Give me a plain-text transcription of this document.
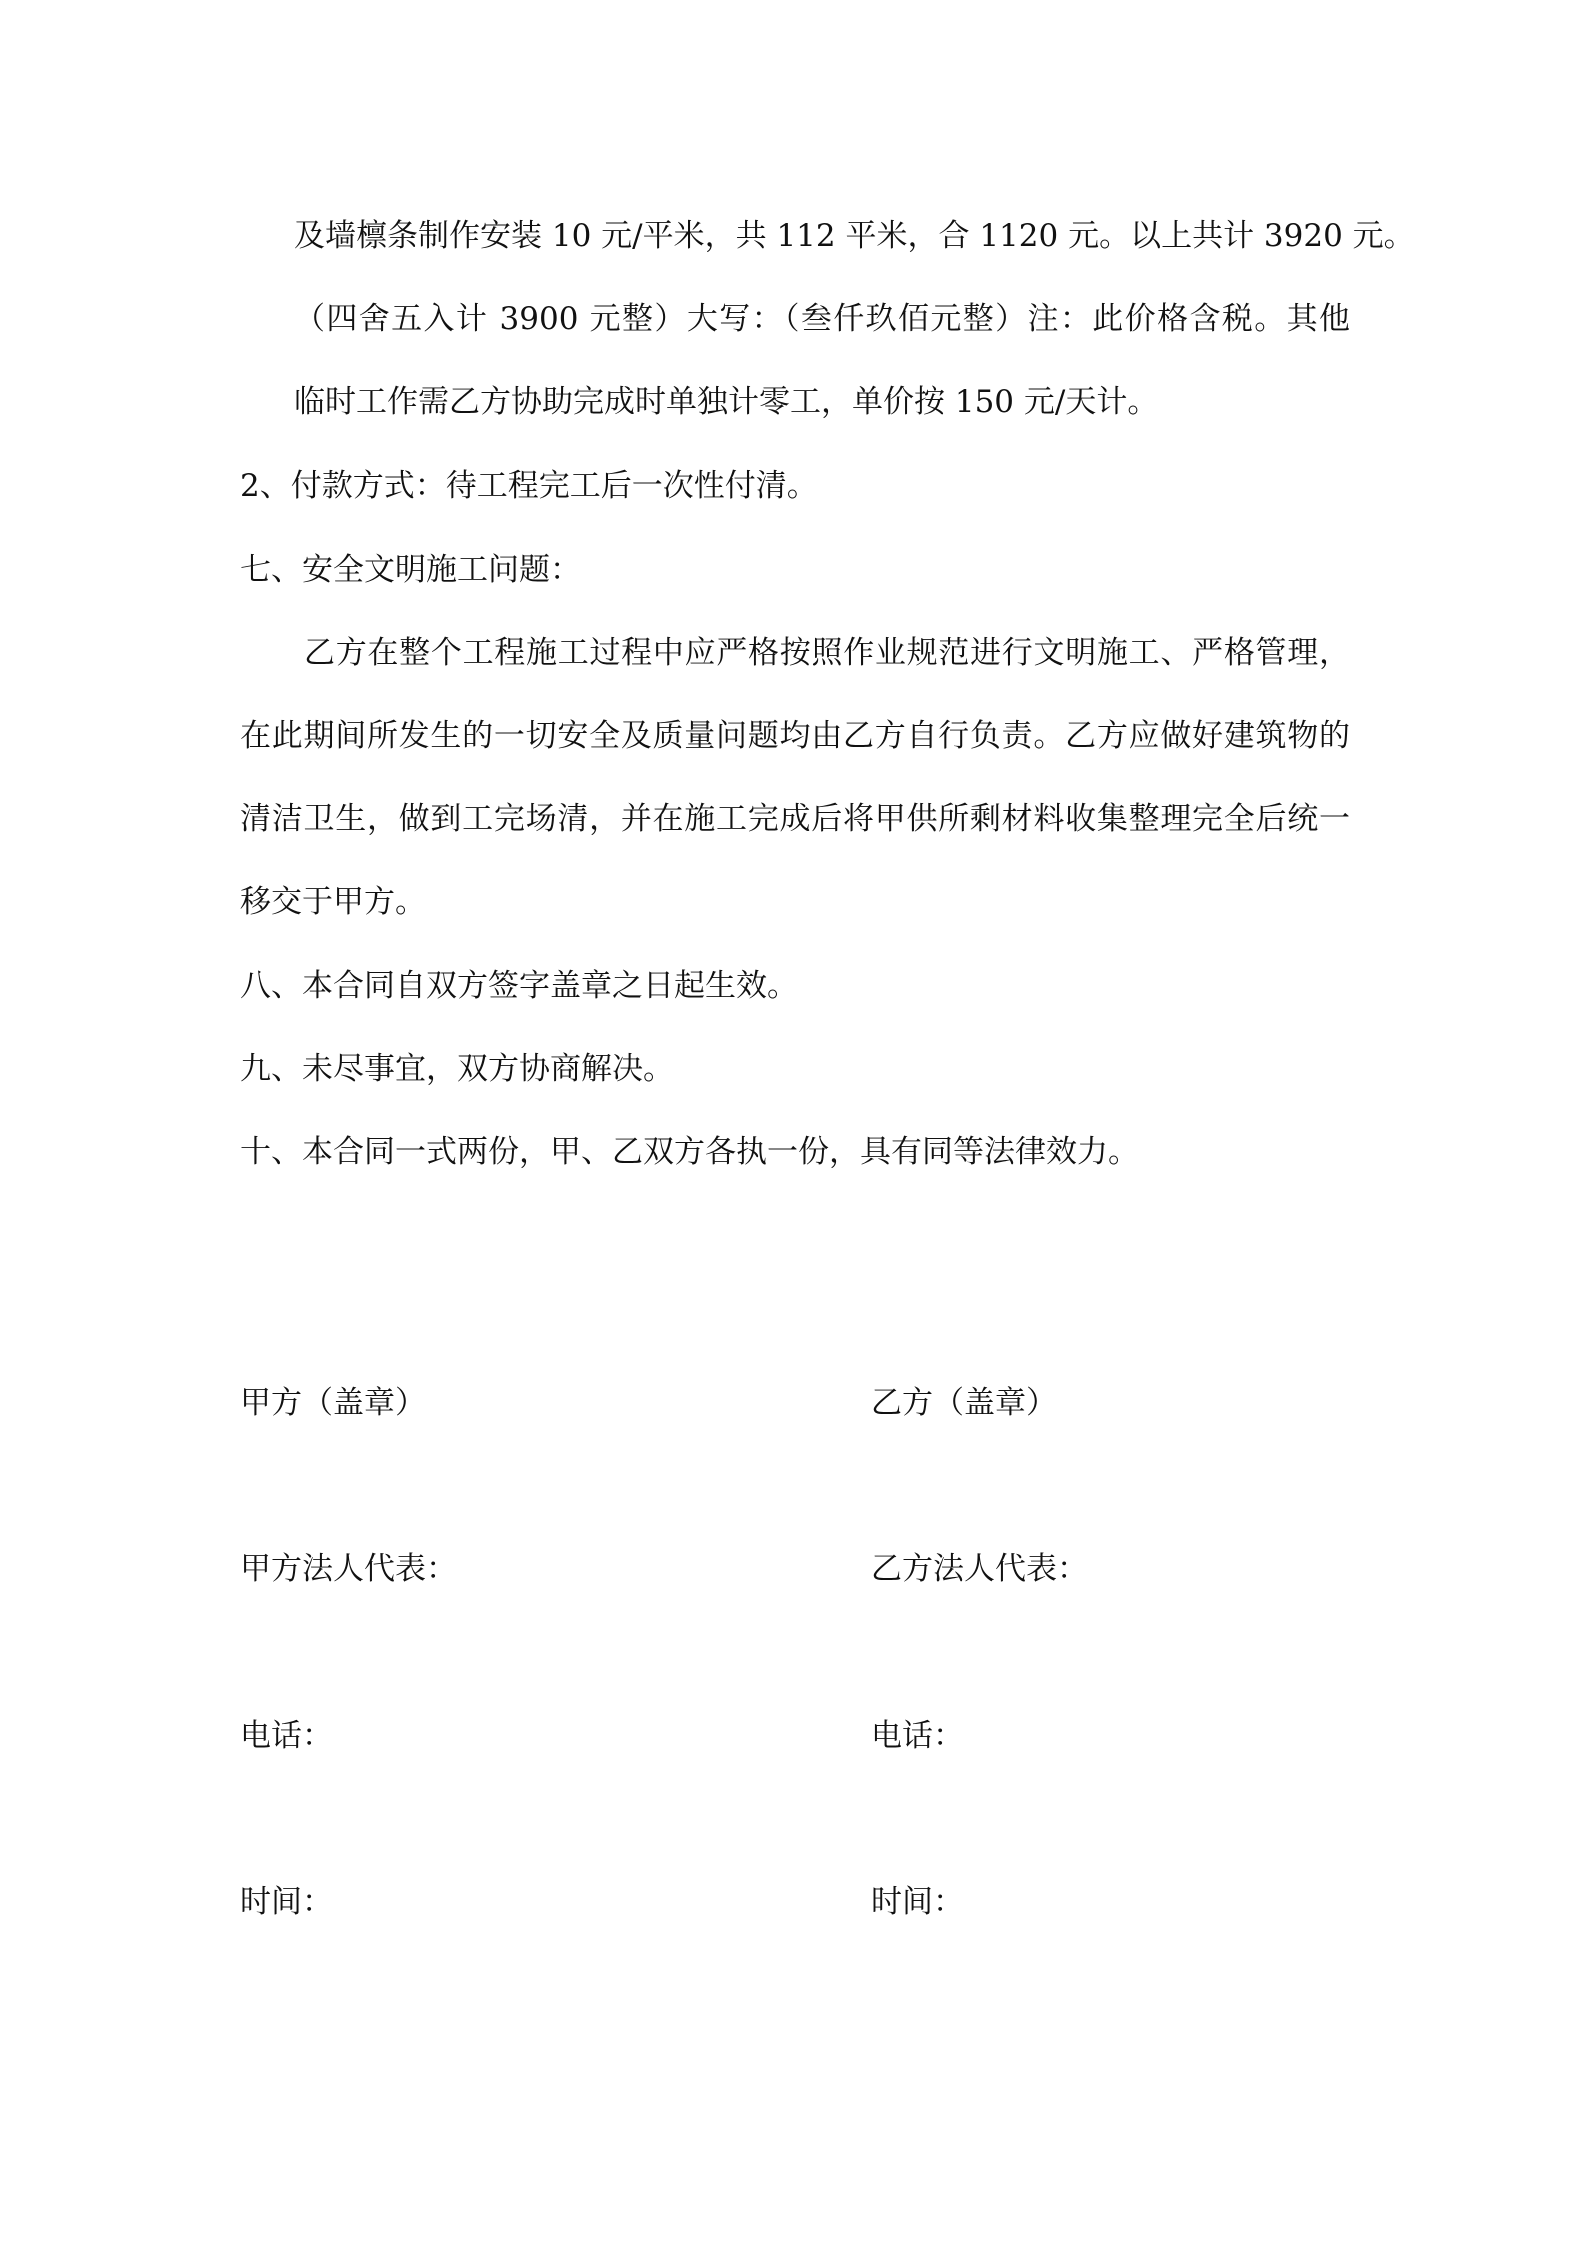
及墙檩条制作安装 10 元/平米，共 112 平米，合 1120 元。以上共计 3920 元。
（四舍五入计 3900 元整）大写：（叁仟玖佰元整）注：此价格含税。其他
临时工作需乙方协助完成时单独计零工，单价按 150 元/天计。
2、付款方式：待工程完工后一次性付清。
七、安全文明施工问题：
乙方在整个工程施工过程中应严格按照作业规范进行文明施工、严格管理，
在此期间所发生的一切安全及质量问题均由乙方自行负责。乙方应做好建筑物的
清洁卫生，做到工完场清，并在施工完成后将甲供所剩材料收集整理完全后统一
移交于甲方。
八、本合同自双方签字盖章之日起生效。
九、未尽事宜，双方协商解决。
十、本合同一式两份，甲、乙双方各执一份，具有同等法律效力。
甲方（盖章）
甲方法人代表：
电话：
时间：
乙方（盖章）
乙方法人代表：
电话：
时间：
